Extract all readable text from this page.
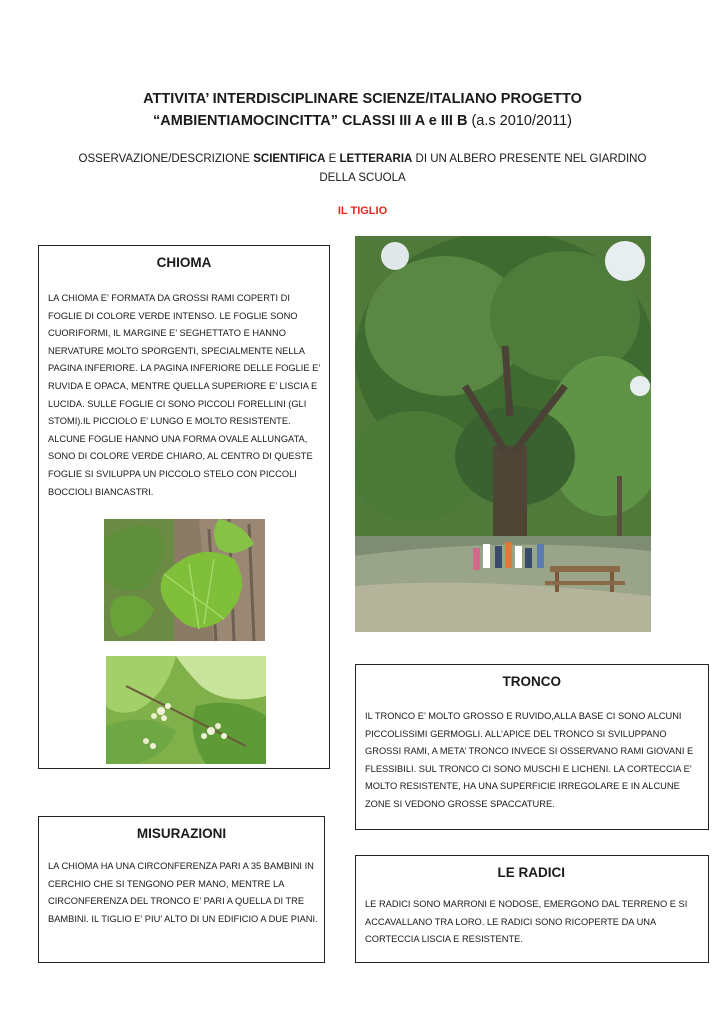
ATTIVITA’ INTERDISCIPLINARE SCIENZE/ITALIANO PROGETTO
“AMBIENTIAMOCINCITTA” CLASSI III A e III B (a.s 2010/2011)
OSSERVAZIONE/DESCRIZIONE SCIENTIFICA E LETTERARIA DI UN ALBERO PRESENTE NEL GIARDINO DELLA SCUOLA
IL TIGLIO
CHIOMA

LA CHIOMA E’ FORMATA DA GROSSI RAMI COPERTI DI FOGLIE DI COLORE VERDE INTENSO. LE FOGLIE SONO CUORIFORMI, IL MARGINE E’ SEGHETTATO E HANNO NERVATURE MOLTO SPORGENTI, SPECIALMENTE NELLA PAGINA INFERIORE. LA PAGINA INFERIORE DELLE FOGLIE E’ RUVIDA E OPACA, MENTRE QUELLA SUPERIORE E’ LISCIA E LUCIDA. SULLE FOGLIE CI SONO PICCOLI FORELLINI (GLI STOMI).IL PICCIOLO E’ LUNGO E MOLTO RESISTENTE. ALCUNE FOGLIE HANNO UNA FORMA OVALE ALLUNGATA, SONO DI COLORE VERDE CHIARO, AL CENTRO DI QUESTE FOGLIE SI SVILUPPA UN PICCOLO STELO CON PICCOLI BOCCIOLI BIANCASTRI.

MISURAZIONI

LA CHIOMA HA UNA CIRCONFERENZA PARI A 35 BAMBINI IN CERCHIO CHE SI TENGONO PER MANO, MENTRE LA CIRCONFERENZA DEL TRONCO E’ PARI A QUELLA DI TRE BAMBINI. IL TIGLIO E’ PIU’ ALTO DI UN EDIFICIO A DUE PIANI.

TRONCO

IL TRONCO E’ MOLTO GROSSO E RUVIDO,ALLA BASE CI SONO ALCUNI PICCOLISSIMI GERMOGLI. ALL’APICE DEL TRONCO SI SVILUPPANO GROSSI RAMI, A META’ TRONCO INVECE SI OSSERVANO RAMI GIOVANI E FLESSIBILI. SUL TRONCO CI SONO MUSCHI E LICHENI. LA CORTECCIA E’ MOLTO RESISTENTE, HA UNA SUPERFICIE IRREGOLARE E IN ALCUNE ZONE SI VEDONO GROSSE SPACCATURE.

LE RADICI

LE RADICI SONO MARRONI E NODOSE, EMERGONO DAL TERRENO E SI ACCAVALLANO TRA LORO. LE RADICI SONO RICOPERTE DA UNA CORTECCIA LISCIA E RESISTENTE.
